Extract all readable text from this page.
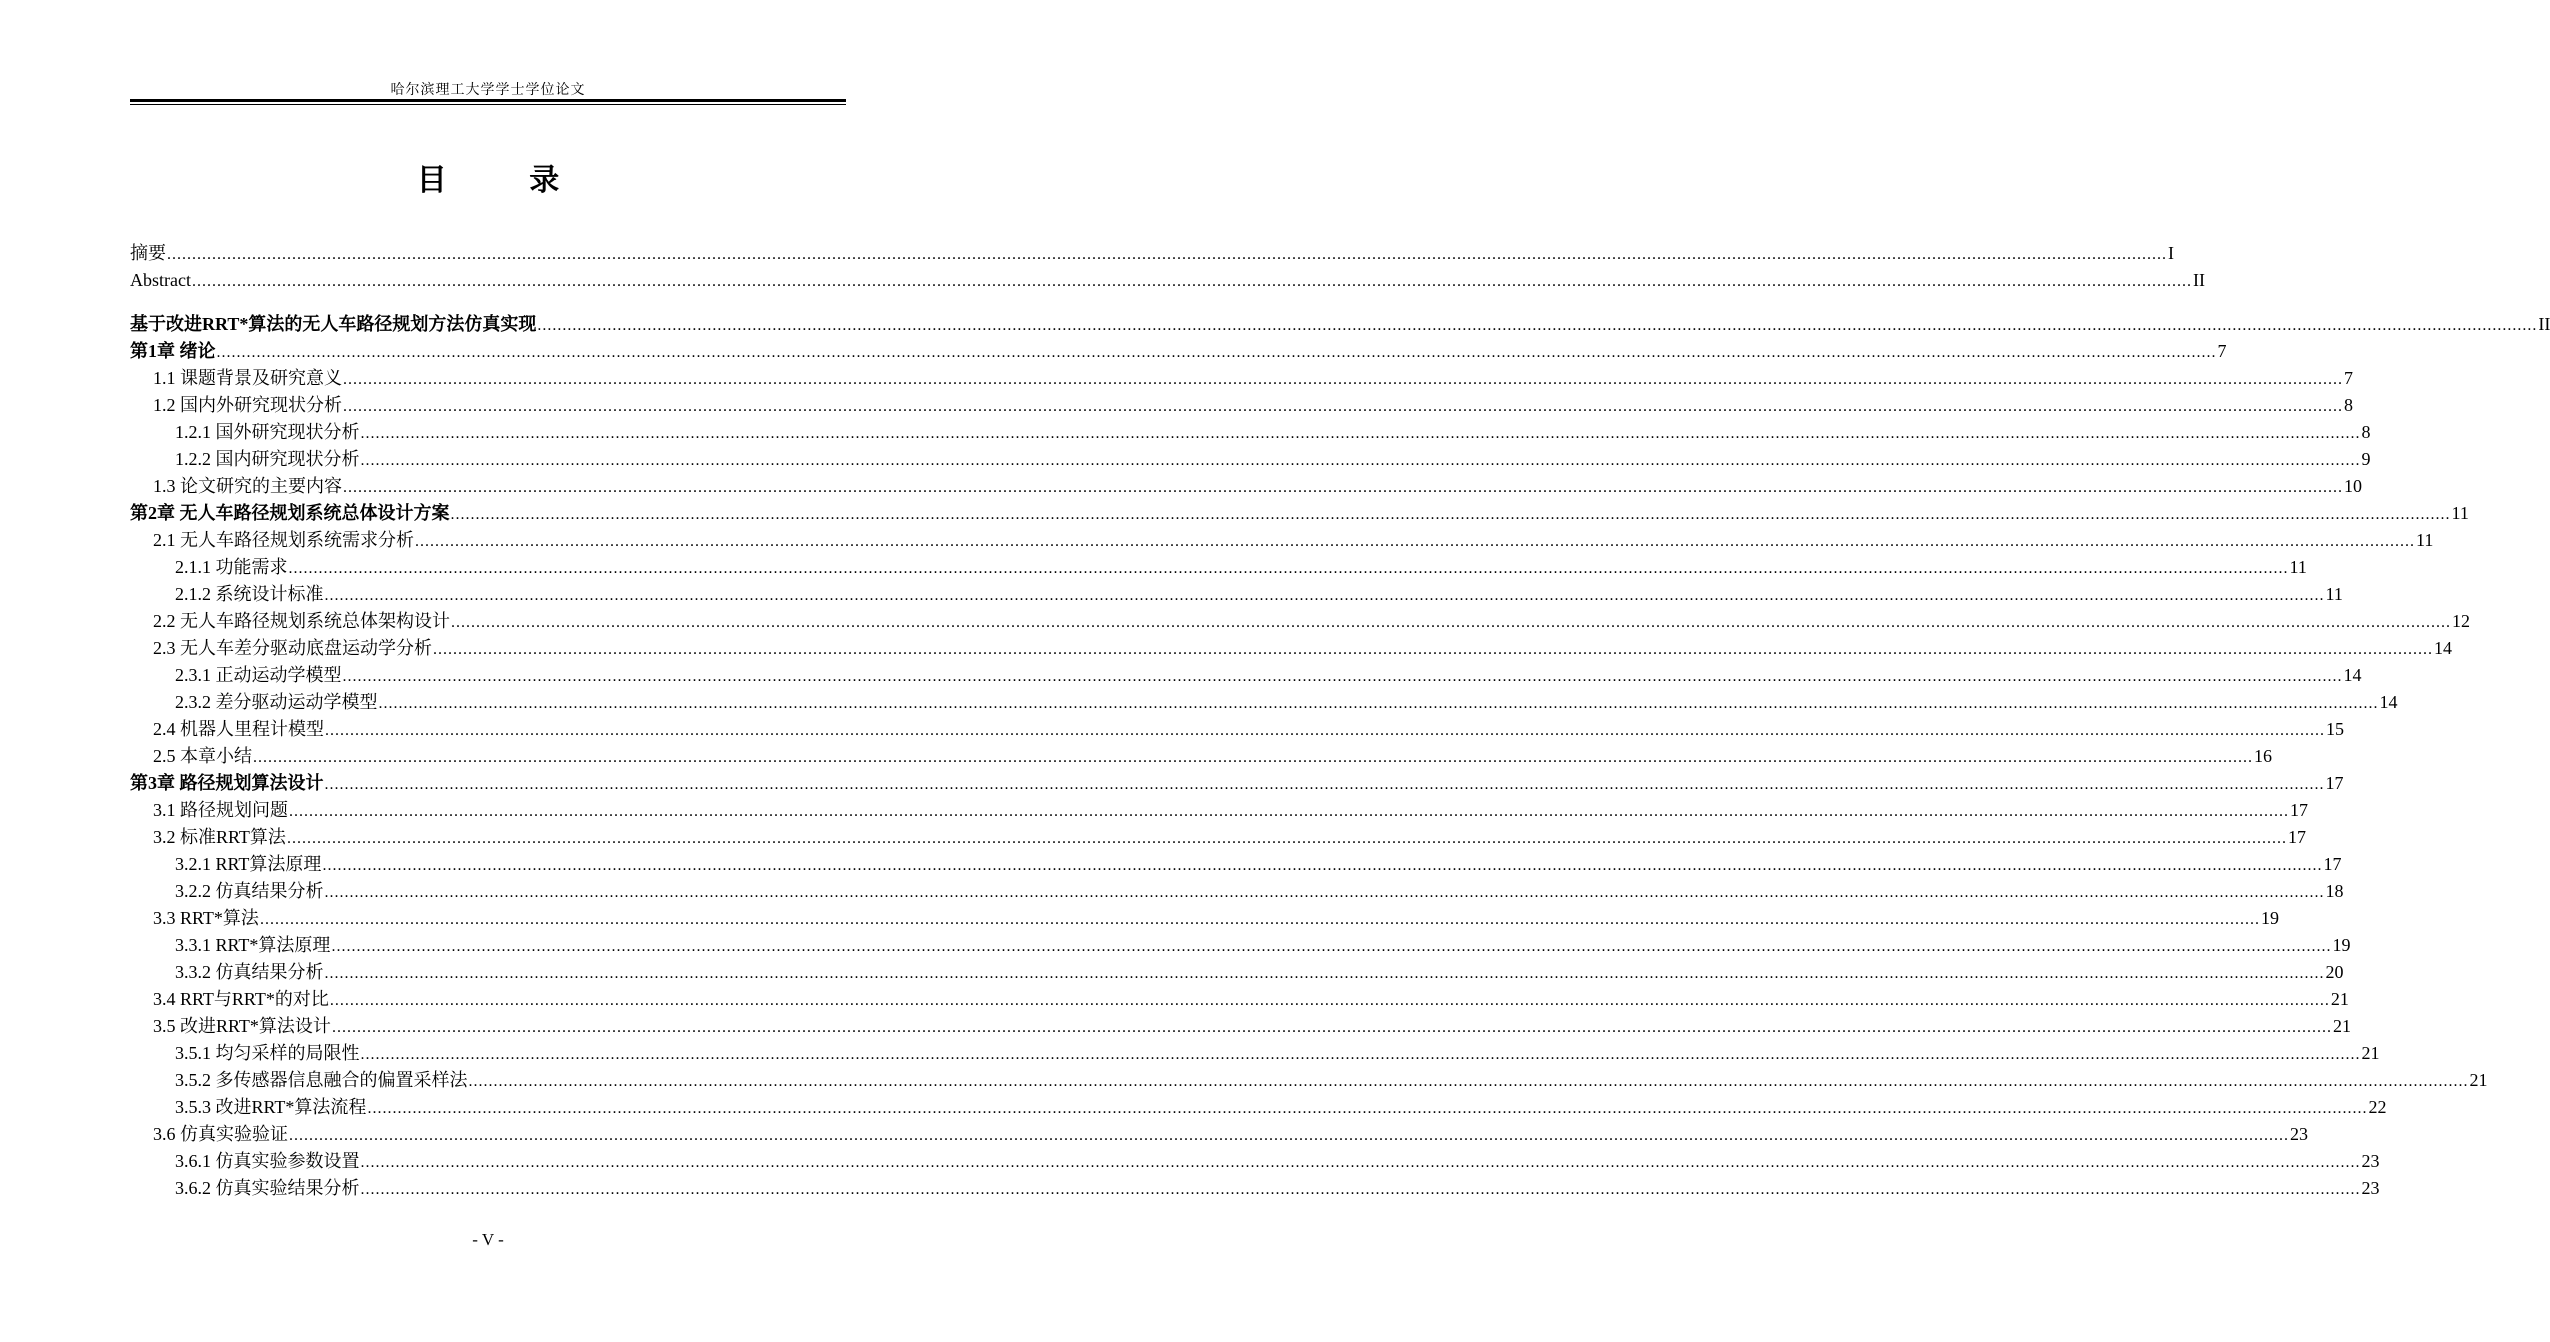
哈尔滨理工大学学士学位论文
目 录
摘要 ................................................................................................................................................................................................................................................................................................................................................................................................................ I
Abstract ................................................................................................................................................................................................................................................................................................................................................................................................................ II
基于改进RRT*算法的无人车路径规划方法仿真实现 ................................................................................................................................................................................................................................................................................................................................................................................................................ II
第1章 绪论 ................................................................................................................................................................................................................................................................................................................................................................................................................ 7
1.1 课题背景及研究意义 ................................................................................................................................................................................................................................................................................................................................................................................................................ 7
1.2 国内外研究现状分析 ................................................................................................................................................................................................................................................................................................................................................................................................................ 8
1.2.1 国外研究现状分析 ................................................................................................................................................................................................................................................................................................................................................................................................................ 8
1.2.2 国内研究现状分析 ................................................................................................................................................................................................................................................................................................................................................................................................................ 9
1.3 论文研究的主要内容 ................................................................................................................................................................................................................................................................................................................................................................................................................ 10
第2章 无人车路径规划系统总体设计方案 ................................................................................................................................................................................................................................................................................................................................................................................................................ 11
2.1 无人车路径规划系统需求分析 ................................................................................................................................................................................................................................................................................................................................................................................................................ 11
2.1.1 功能需求 ................................................................................................................................................................................................................................................................................................................................................................................................................ 11
2.1.2 系统设计标准 ................................................................................................................................................................................................................................................................................................................................................................................................................ 11
2.2 无人车路径规划系统总体架构设计 ................................................................................................................................................................................................................................................................................................................................................................................................................ 12
2.3 无人车差分驱动底盘运动学分析 ................................................................................................................................................................................................................................................................................................................................................................................................................ 14
2.3.1 正动运动学模型 ................................................................................................................................................................................................................................................................................................................................................................................................................ 14
2.3.2 差分驱动运动学模型 ................................................................................................................................................................................................................................................................................................................................................................................................................ 14
2.4 机器人里程计模型 ................................................................................................................................................................................................................................................................................................................................................................................................................ 15
2.5 本章小结 ................................................................................................................................................................................................................................................................................................................................................................................................................ 16
第3章 路径规划算法设计 ................................................................................................................................................................................................................................................................................................................................................................................................................ 17
3.1 路径规划问题 ................................................................................................................................................................................................................................................................................................................................................................................................................ 17
3.2 标准RRT算法 ................................................................................................................................................................................................................................................................................................................................................................................................................ 17
3.2.1 RRT算法原理 ................................................................................................................................................................................................................................................................................................................................................................................................................ 17
3.2.2 仿真结果分析 ................................................................................................................................................................................................................................................................................................................................................................................................................ 18
3.3 RRT*算法 ................................................................................................................................................................................................................................................................................................................................................................................................................ 19
3.3.1 RRT*算法原理 ................................................................................................................................................................................................................................................................................................................................................................................................................ 19
3.3.2 仿真结果分析 ................................................................................................................................................................................................................................................................................................................................................................................................................ 20
3.4 RRT与RRT*的对比 ................................................................................................................................................................................................................................................................................................................................................................................................................ 21
3.5 改进RRT*算法设计 ................................................................................................................................................................................................................................................................................................................................................................................................................ 21
3.5.1 均匀采样的局限性 ................................................................................................................................................................................................................................................................................................................................................................................................................ 21
3.5.2 多传感器信息融合的偏置采样法 ................................................................................................................................................................................................................................................................................................................................................................................................................ 21
3.5.3 改进RRT*算法流程 ................................................................................................................................................................................................................................................................................................................................................................................................................ 22
3.6 仿真实验验证 ................................................................................................................................................................................................................................................................................................................................................................................................................ 23
3.6.1 仿真实验参数设置 ................................................................................................................................................................................................................................................................................................................................................................................................................ 23
3.6.2 仿真实验结果分析 ................................................................................................................................................................................................................................................................................................................................................................................................................ 23
- V -
